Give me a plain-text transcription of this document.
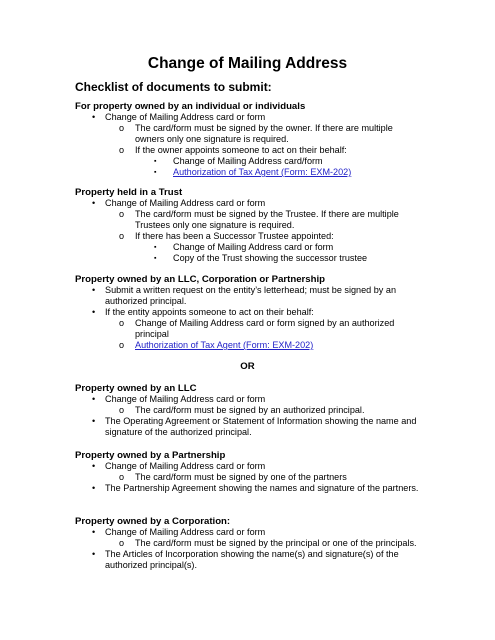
Change of Mailing Address
Checklist of documents to submit:
For property owned by an individual or individuals
• Change of Mailing Address card or form
o The card/form must be signed by the owner. If there are multiple owners only one signature is required.
o If the owner appoints someone to act on their behalf:
▪ Change of Mailing Address card/form
▪ Authorization of Tax Agent (Form: EXM-202)
Property held in a Trust
• Change of Mailing Address card or form
o The card/form must be signed by the Trustee. If there are multiple Trustees only one signature is required.
o If there has been a Successor Trustee appointed:
▪ Change of Mailing Address card or form
▪ Copy of the Trust showing the successor trustee
Property owned by an LLC, Corporation or Partnership
• Submit a written request on the entity’s letterhead; must be signed by an authorized principal.
• If the entity appoints someone to act on their behalf:
o Change of Mailing Address card or form signed by an authorized principal
o Authorization of Tax Agent (Form: EXM-202)
OR
Property owned by an LLC
• Change of Mailing Address card or form
o The card/form must be signed by an authorized principal.
• The Operating Agreement or Statement of Information showing the name and signature of the authorized principal.
Property owned by a Partnership
• Change of Mailing Address card or form
o The card/form must be signed by one of the partners
• The Partnership Agreement showing the names and signature of the partners.
Property owned by a Corporation:
• Change of Mailing Address card or form
o The card/form must be signed by the principal or one of the principals.
• The Articles of Incorporation showing the name(s) and signature(s) of the authorized principal(s).
